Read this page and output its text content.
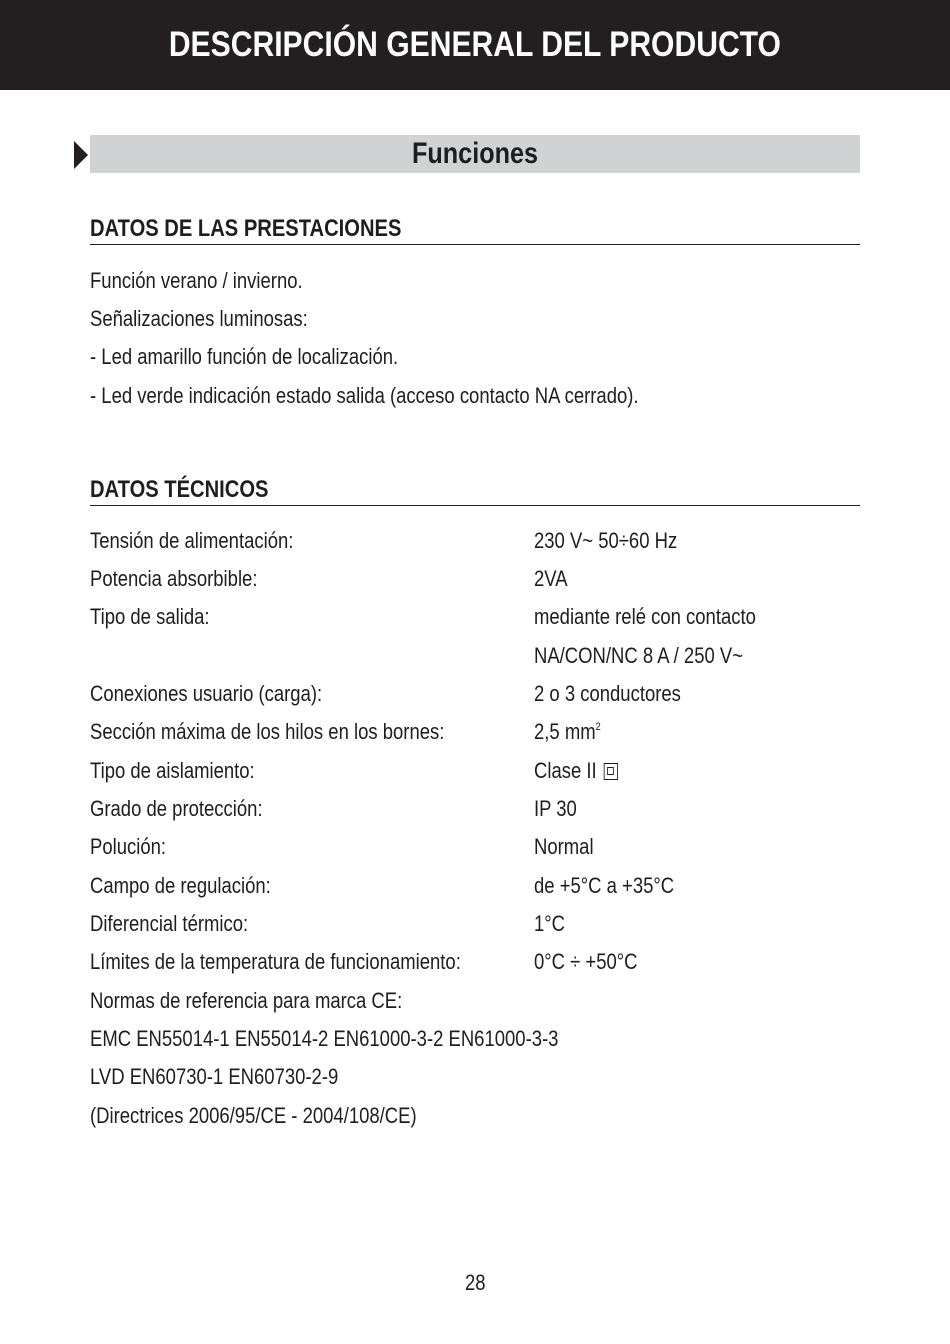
DESCRIPCIÓN GENERAL DEL PRODUCTO
Funciones
DATOS DE LAS PRESTACIONES
Función verano / invierno.
Señalizaciones luminosas:
- Led amarillo función de localización.
- Led verde indicación estado salida (acceso contacto NA cerrado).
DATOS TÉCNICOS
Tensión de alimentación:	230 V~ 50÷60 Hz
Potencia absorbible:	2VA
Tipo de salida:	mediante relé con contacto
NA/CON/NC 8 A / 250 V~
Conexiones usuario (carga):	2 o 3 conductores
Sección máxima de los hilos en los bornes:	2,5 $mm^2$
Tipo de aislamiento:	Clase II
Grado de protección:	IP 30
Polución:	Normal
Campo de regulación:	de +5°C a +35°C
Diferencial térmico:	1°C
Límites de la temperatura de funcionamiento:	0°C ÷ +50°C
Normas de referencia para marca CE:
EMC EN55014-1 EN55014-2 EN61000-3-2 EN61000-3-3
LVD EN60730-1 EN60730-2-9
(Directrices 2006/95/CE - 2004/108/CE)
28
